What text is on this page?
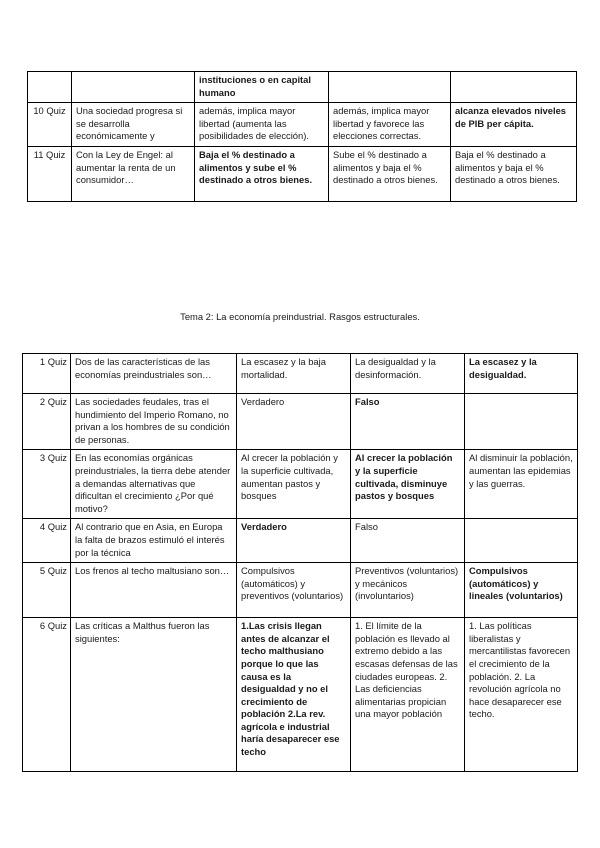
		instituciones o en capital humano		

10 Quiz	Una sociedad progresa si se desarrolla económicamente y	además, implica mayor libertad (aumenta las posibilidades de elección).	además, implica mayor libertad y favorece las elecciones correctas.	alcanza elevados niveles de PIB per cápita.
11 Quiz	Con la Ley de Engel: al aumentar la renta de un consumidor…	Baja el % destinado a alimentos y sube el % destinado a otros bienes.	Sube el % destinado a alimentos y baja el % destinado a otros bienes.	Baja el % destinado a alimentos y baja el % destinado a otros bienes.
Tema 2: La economía preindustrial. Rasgos estructurales.
1 Quiz	Dos de las características de las economías preindustriales son…	La escasez y la baja mortalidad.	La desigualdad y la desinformación.	La escasez y la desigualdad.
2 Quiz	Las sociedades feudales, tras el hundimiento del Imperio Romano, no privan a los hombres de su condición de personas.	Verdadero	Falso	
3 Quiz	En las economías orgánicas preindustriales, la tierra debe atender a demandas alternativas que dificultan el crecimiento ¿Por qué motivo?	Al crecer la población y la superficie cultivada, aumentan pastos y bosques	Al crecer la población y la superficie cultivada, disminuye pastos y bosques	Al disminuir la población, aumentan las epidemias y las guerras.
4 Quiz	Al contrario que en Asia, en Europa la falta de brazos estimuló el interés por la técnica	Verdadero	Falso	
5 Quiz	Los frenos al techo maltusiano son…	Compulsivos (automáticos) y preventivos (voluntarios)	Preventivos (voluntarios) y mecánicos (involuntarios)	Compulsivos (automáticos) y lineales (voluntarios)
6 Quiz	Las críticas a Malthus fueron las siguientes:	1.Las crisis llegan antes de alcanzar el techo malthusiano porque lo que las causa es la desigualdad y no el crecimiento de población 2.La rev. agrícola e industrial haría desaparecer ese techo	1. El límite de la población es llevado al extremo debido a las escasas defensas de las ciudades europeas. 2. Las deficiencias alimentarias propician una mayor población	1. Las políticas liberalistas y mercantilistas favorecen el crecimiento de la población. 2. La revolución agrícola no hace desaparecer ese techo.
